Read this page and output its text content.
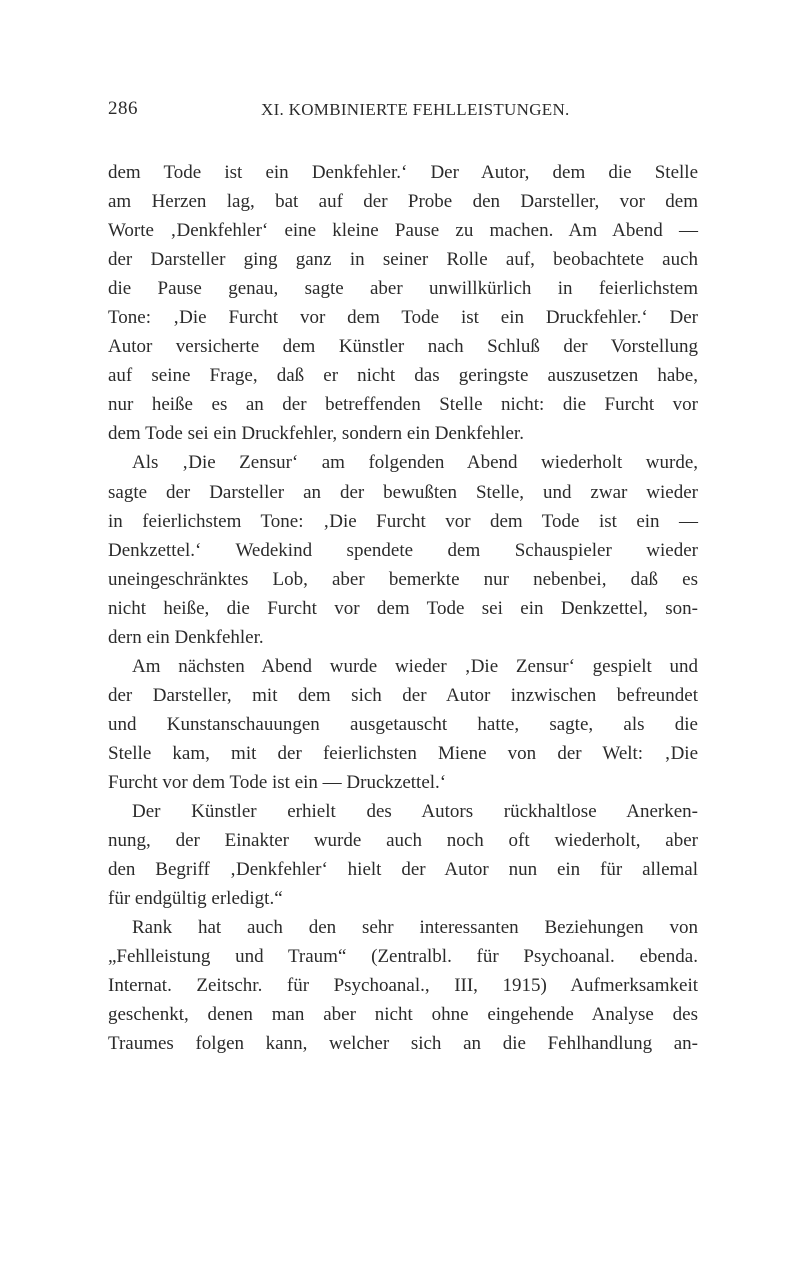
286	XI. KOMBINIERTE FEHLLEISTUNGEN.
dem Tode ist ein Denkfehler.‘ Der Autor, dem die Stelle
am Herzen lag, bat auf der Probe den Darsteller, vor dem
Worte ‚Denkfehler‘ eine kleine Pause zu machen. Am Abend —
der Darsteller ging ganz in seiner Rolle auf, beobachtete auch
die Pause genau, sagte aber unwillkürlich in feierlichstem
Tone: ‚Die Furcht vor dem Tode ist ein Druckfehler.‘ Der
Autor versicherte dem Künstler nach Schluß der Vorstellung
auf seine Frage, daß er nicht das geringste auszusetzen habe,
nur heiße es an der betreffenden Stelle nicht: die Furcht vor
dem Tode sei ein Druckfehler, sondern ein Denkfehler.
Als ‚Die Zensur‘ am folgenden Abend wiederholt wurde,
sagte der Darsteller an der bewußten Stelle, und zwar wieder
in feierlichstem Tone: ‚Die Furcht vor dem Tode ist ein —
Denkzettel.‘ Wedekind spendete dem Schauspieler wieder
uneingeschränktes Lob, aber bemerkte nur nebenbei, daß es
nicht heiße, die Furcht vor dem Tode sei ein Denkzettel, son-
dern ein Denkfehler.
Am nächsten Abend wurde wieder ‚Die Zensur‘ gespielt und
der Darsteller, mit dem sich der Autor inzwischen befreundet
und Kunstanschauungen ausgetauscht hatte, sagte, als die
Stelle kam, mit der feierlichsten Miene von der Welt: ‚Die
Furcht vor dem Tode ist ein — Druckzettel.‘
Der Künstler erhielt des Autors rückhaltlose Anerken-
nung, der Einakter wurde auch noch oft wiederholt, aber
den Begriff ‚Denkfehler‘ hielt der Autor nun ein für allemal
für endgültig erledigt.“
Rank hat auch den sehr interessanten Beziehungen von
„Fehlleistung und Traum“ (Zentralbl. für Psychoanal. ebenda.
Internat. Zeitschr. für Psychoanal., III, 1915) Aufmerksamkeit
geschenkt, denen man aber nicht ohne eingehende Analyse des
Traumes folgen kann, welcher sich an die Fehlhandlung an-
